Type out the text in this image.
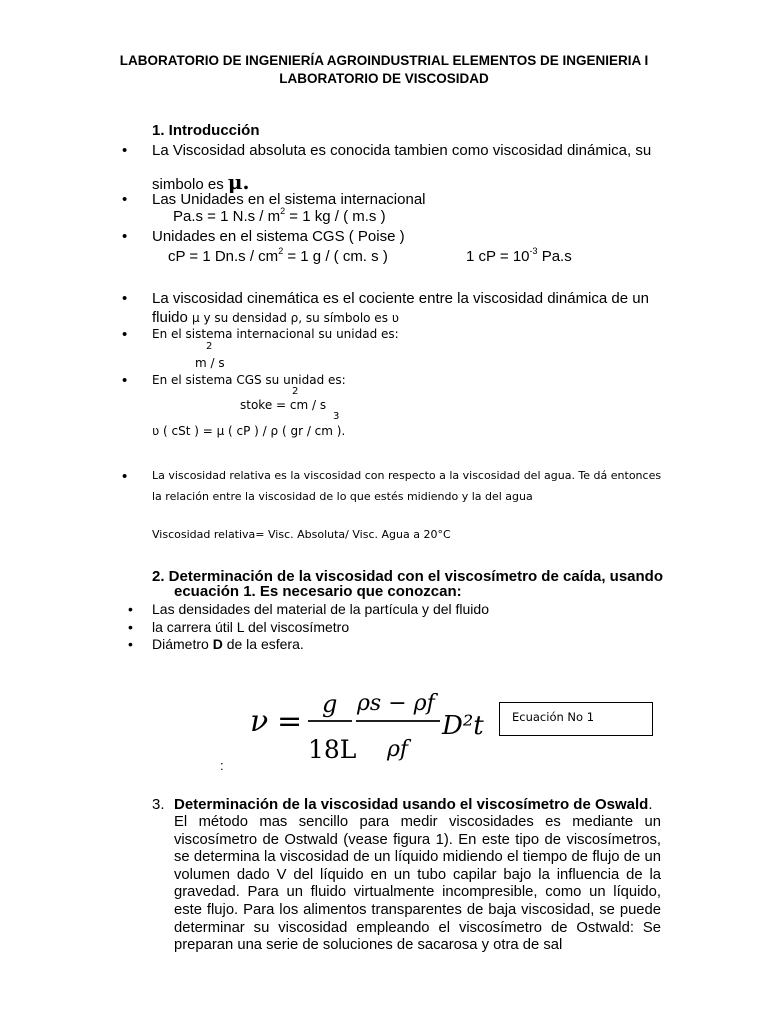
LABORATORIO DE INGENIERÍA AGROINDUSTRIAL ELEMENTOS DE INGENIERIA I
LABORATORIO DE VISCOSIDAD
1. Introducción
• La Viscosidad absoluta es conocida tambien como viscosidad dinámica, su
simbolo es μ.
• Las Unidades en el sistema internacional
Pa.s = 1 $N.s / m^2 = 1$ kg / ( m.s )
• Unidades en el sistema CGS ( Poise )
cP = 1 $Dn.s / cm^2 = 1$ g / ( cm. s )	1 cP = $10^{-3}$ Pa.s
• La viscosidad cinemática es el cociente entre la viscosidad dinámica de un
fluido μ y su densidad ρ, su símbolo es ʋ
• En el sistema internacional su unidad es:
2
m / s
• En el sistema CGS su unidad es:
2
stoke = cm / s
3
ʋ ( cSt ) = μ ( cP ) / ρ ( gr / cm ).
• La viscosidad relativa es la viscosidad con respecto a la viscosidad del agua. Te dá entonces
la relación entre la viscosidad de lo que estés midiendo y la del agua
Viscosidad relativa= Visc. Absoluta/ Visc. Agua a 20°C
2. Determinación de la viscosidad con el viscosímetro de caída, usando
ecuación 1. Es necesario que conozcan:
• Las densidades del material de la partícula y del fluido
• la carrera útil L del viscosímetro
• Diámetro D de la esfera.
ν = g
18L
ρs − ρf
ρf
D²t	Ecuación No 1
:
3. Determinación de la viscosidad usando el viscosímetro de Oswald.
El método mas sencillo para medir viscosidades es mediante un viscosímetro de Ostwald (vease figura 1). En este tipo de viscosímetros, se determina la viscosidad de un líquido midiendo el tiempo de flujo de un volumen dado V del líquido en un tubo capilar bajo la influencia de la gravedad. Para un fluido virtualmente incompresible, como un líquido, este flujo. Para los alimentos transparentes de baja viscosidad, se puede determinar su viscosidad empleando el viscosímetro de Ostwald: Se preparan una serie de soluciones de sacarosa y otra de sal
